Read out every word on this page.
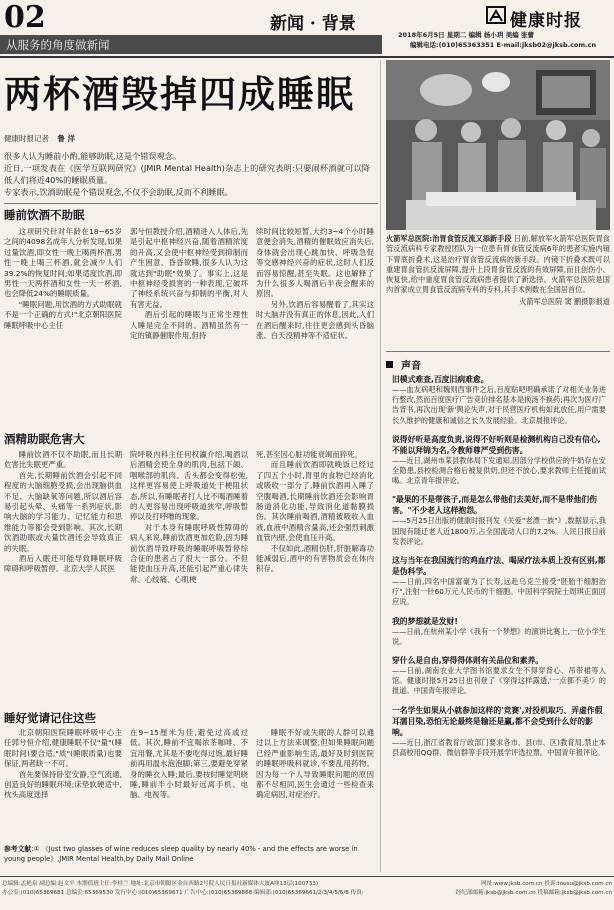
02	新闻 · 背景	健康时报
2018年6月5日 星期二 编辑 杨小玥 美编 张蕾
编辑电话:(010)65363351 E-mail:jksb02@jksb.com.cn
从服务的角度做新闻
两杯酒毁掉四成睡眠
健康时报记者 鲁 洋
很多人认为睡前小酌,能够助眠,这是个错误观念。
近日,一项发表在《医学互联网研究》(JMIR Mental Health)杂志上的研究表明:只要闹杯酒就可以降低人们将近40%的睡眠质量。
专家表示,饮酒助眠是个错误观念,不仅不会助眠,反而不利睡眠。
火箭军总医院:治胃食管反流又添新手段 日前,解放军火箭军总医院胃食管反流病科专家教授团队为一位患有胃食管反流病6年的患者实施内镜下胃底折叠术,这是治疗胃食管反流病的新手段。内镜下折叠术既可以重建胃食管抗反流屏障,提升上段胃食管反流的有效屏障,而且创伤小、恢复快,给中重度胃食管反流病患者提供了新选择。火箭军总医院是国内首家成立胃食管反流病专科的专科,其手术例数在全国居首位。
火箭军总医院 窦 鹏摄影报道
睡前饮酒不助眠

这项研究针对年龄在18~65岁之间的4098名成年人分析发现,如果过量饮酒,即女性一晚上喝两杯酒,男性一晚上喝三杯酒,就会减少人们39.2%的恢复时间;如果适度饮酒,即男性一天两杯酒和女性一天一杯酒,也会降低24%的睡眠质量。

"睡眠问题,用饮酒的方式助眠就不是一个正确的方式!"北京朝阳医院睡眠呼吸中心主任

郭兮恒教授介绍,酒精进入人体后,先是引起中枢神经兴奋,随着酒精浓度的升高,又会使中枢神经受到抑制而产生困意、昏昏欲睡,很多人认为这就达到"助眠"效果了。事实上,这是中枢神经受损害的一种表现,它破坏了神经系统兴奋与抑制的平衡,对人有害无益。

酒后引起的睡眠与正常生理性人睡是完全不同的。酒精虽然有一定的镇静催眠作用,但持

续时间比较短暂,大约3~4个小时睡意便会消失,酒精的催眠效应消失后,身体就会出现心跳加快、呼吸急促等交感神经兴奋的症状,这时人们反而容易惊醒,甚至失眠。这也解释了为什么很多人喝酒后半夜会醒来的原因。

另外,饮酒后容易醒着了,其实这时大脑并没有真正的休息,因此,人们在酒后醒来时,往往更会感到头昏脑涨、白天没精神等不适症状。

酒精助眠危害大

睡前饮酒不仅不助眠,而且长期危害比失眠更严重。

首先,长期睡前饮酒会引起不同程度的大脑细胞受损,会出现脑供血不足、大脑缺氧等问题,所以酒后容易引起头晕、头痛等一系列症状,影响大脑的学习能力、记忆能力和思维能力等都会受到影响。其次,长期饮酒助眠或大量饮酒还会导致真正的失眠。

酒后入眠还可能导致睡眠呼吸障碍和呼吸暂停。北京大学人民医

院呼吸内科主任何权瀛介绍,喝酒以后酒精会使全身的肌肉,包括下颌、咽喉部的肌肉、舌头都会变得松弛,这样更容易使上呼吸道处于梗阻状态,所以,有睡眠者打人比不喝酒睡着的人更容易出现呼吸道狭窄,呼吸暂停以及打呼噜的现象。

对于本身有睡眠呼吸性障碍的病人来说,睡前饮酒更加危险,因为睡前饮酒导致呼吸的睡眠呼吸暂停综合征的患者占了很大一部分。不但能使血压升高,还能引起严重心律失常、心绞痛、心肌梗

死,甚至因心脏功能衰竭而猝死。

而且睡前饮酒即就晚饭已经过了四五个小时,胃里的食物已经消化或吸收一部分了,睡前饮酒再入睡了空腹喝酒,长期睡前饮酒还会影响胃肠道消化功能,导致消化道黏膜损伤。其次睡前喝酒,酒精被吸收入血液,血液中酒精含量高,还会强烈刺激血管内壁,会使血压升高。

不仅如此,酒精伤肝,肝脏解毒功能减弱后,酒中的有害物质会在体内积存。

睡好觉请记住这些

北京朝阳医院睡眠呼吸中心主任郭兮恒介绍,健康睡眠不仅"量"(睡眠时间)要合适,"质"(睡眠质量)也要保证,两者缺一不可。

首先要保持卧室安静,空气流通,创造良好的睡眠环境;床垫软硬适中,枕头高度选择

在9~15厘米为佳,避免过高或过低。其次,睡前不宜喝浓茶咖啡、不宜用餐,尤其是不要吃得过饱,最好睡前再用温水泡泡脚;第三,要避免穿紧身的睡衣入睡;最后,要按时睡觉明晓睡,睡前半小时最好远离手机、电脑、电视等。

睡眠不好或失眠的人群可以通过以上方法来调整,但如果睡眠问题已经严重影响生活,最好及时到医院的睡眠呼吸科就诊,不要乱用药物。因为每一个人导致睡眠问题的原因都不尽相同,医生会通过一些检查来确定病因,对症治疗。

参考文献:① 《Just two glasses of wine reduces sleep quality by nearly 40% - and the effects are worse in young people》,JMIR Mental Health,by Daily Mail Online
声音
旧模式难查,百度旧病难愈。
——血友病吧和魏则西事件之后,百度贴吧明确承诺了对相关业务进行整改,然而百度医疗广告竞价排名基本是换汤不换药;再次为医疗广告背书,再次出现'新'舆论失声,对于民营医疗机构如此放任,用户需要长久维护的健康和诚信之长久发展经验。北京晨报评论。
说得好听是高度负责,说得不好听则是检测机构自己没有信心,不能以拜锦为名,令教师尊严受到伤害。
——近日,湖州市某县教体局下发通知,因部分学校供应的牛奶存在安全隐患,县校检测合格后被复供奶,但还不放心,要求教师主任提前试喝。北京青年报评论。
"最果的不是带孩子,而是怎么带他们去美好,而不是带他们伤害。"不少老人这样抱怨。
——5月25日出版的健康时报刊发《关爱"老漂一族"》,数据显示,我国现有随迁老人近1800万,占全国流动人口的7.2%。人民日报日前发表评论。
这与当年在我国流行的鸡血疗法、喝尿疗法本质上没有区别,都是伪科学。
——日前,四名中国富豪为了长寿,远赴乌克兰接受"胚胎干细胞治疗",注射一针60万元人民币的干细胞。中国科学院院士周琪正面回应说。
我的梦想就是发财!
——日前,在杭州某小学《我有一个梦想》的演讲比赛上,一位小学生说。
穿什么是自由,穿得得体则有关品位和素养。
——日前,湖南农业大学图书馆要求女生不得穿背心、吊带裙等入馆。健康时报5月25日也刊登了《穿得这样露透,'一点都不美'》的报道。中国青年报评论。
一名学生如果从小就参加这样的'竞赛',对投机取巧、弄虚作假耳濡目染,恐怕无论最终是输还是赢,都不会受到什么好的影响。
——近日,浙江省教育厅政部门要求各市、县(市、区)教育局,禁止本县高校用QQ群、微信群等手段开展学评选拉票。中国青年报评论。
总编辑:孟艳泉 副总编:赵文平 本期值班主任:李桂兰 地址:北京市朝阳区金台西路2号院人民日报社新媒体大厦A座13层(100733)	网址:www.jksb.com.cn 投诉:tousu@jksb.com.cn
办公室:(010)65369681 总编室:65369530 发行中心:(010)65369671 广告中心:(010)65369868 编辑部:(010)65369661/2/3/4/5/6/8 传真:	经纪部邮箱:jksb@jksb.com.cn 投稿邮箱:jksb@jksb.com.cn
